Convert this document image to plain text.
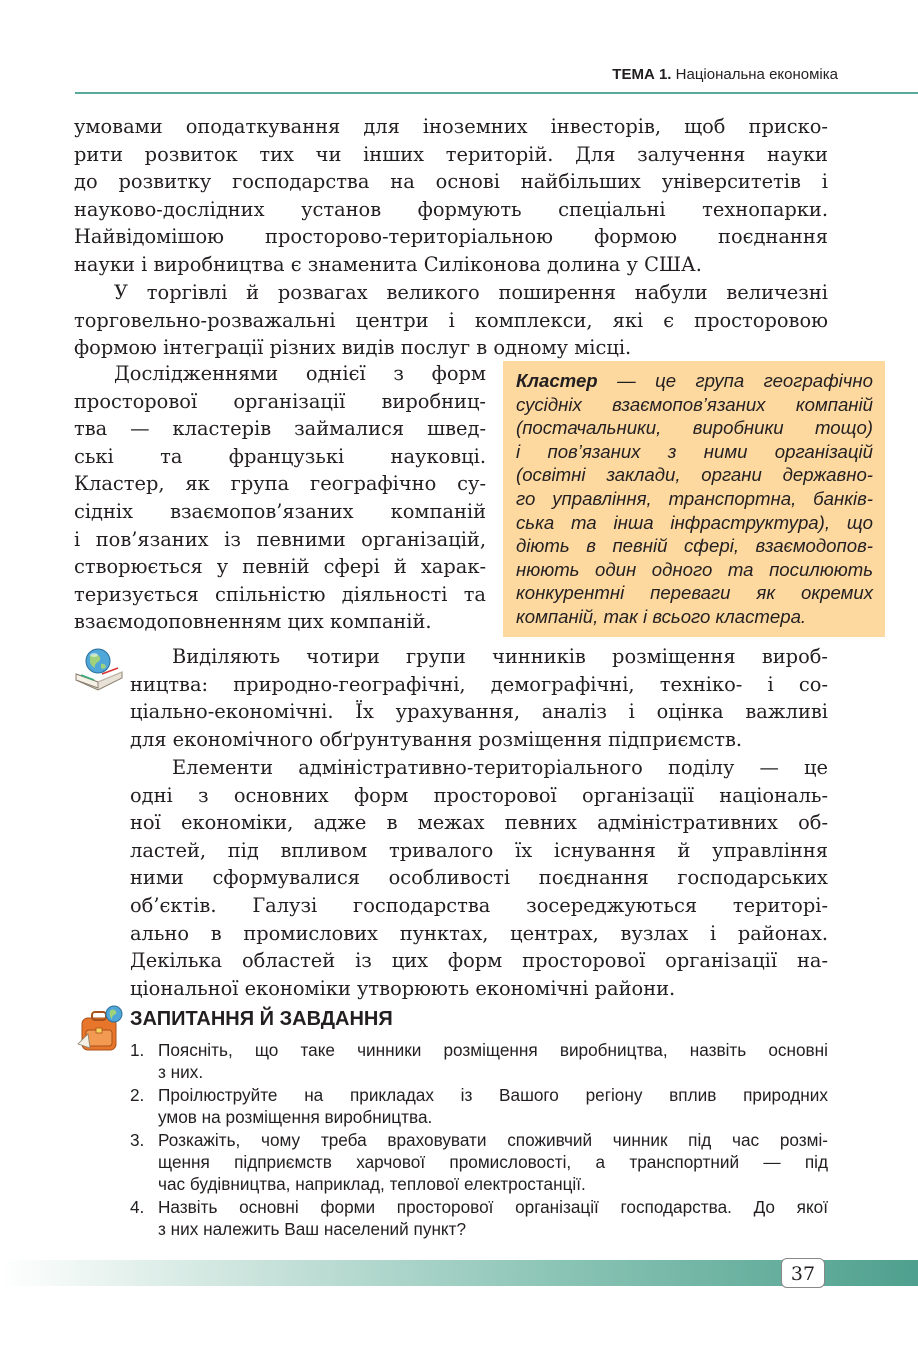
ТЕМА 1. Національна економіка
умовами оподаткування для іноземних інвесторів, щоб приско-
рити розвиток тих чи інших територій. Для залучення науки
до розвитку господарства на основі найбільших університетів і
науково-дослідних установ формують спеціальні технопарки.
Найвідомішою просторово-територіальною формою поєднання
науки і виробництва є знаменита Силіконова долина у США.
У торгівлі й розвагах великого поширення набули величезні
торговельно-розважальні центри і комплекси, які є просторовою
формою інтеграції різних видів послуг в одному місці.
Дослідженнями однієї з форм
просторової організації виробниц-
тва — кластерів займалися швед-
ські та французькі науковці.
Кластер, як група географічно су-
сідніх взаємопов’язаних компаній
і пов’язаних із певними організацій,
створюється у певній сфері й харак-
теризується спільністю діяльності та
взаємодоповненням цих компаній.
Кластер — це група географічно
сусідніх взаємопов’язаних компаній
(постачальники, виробники тощо)
і пов’язаних з ними організацій
(освітні заклади, органи державно-
го управління, транспортна, банків-
ська та інша інфраструктура), що
діють в певній сфері, взаємодопов-
нюють один одного та посилюють
конкурентні переваги як окремих
компаній, так і всього кластера.
Виділяють чотири групи чинників розміщення вироб-
ництва: природно-географічні, демографічні, техніко- і со-
ціально-економічні. Їх урахування, аналіз і оцінка важливі
для економічного обґрунтування розміщення підприємств.
Елементи адміністративно-територіального поділу — це
одні з основних форм просторової організації національ-
ної економіки, адже в межах певних адміністративних об-
ластей, під впливом тривалого їх існування й управління
ними сформувалися особливості поєднання господарських
об’єктів. Галузі господарства зосереджуються територі-
ально в промислових пунктах, центрах, вузлах і районах.
Декілька областей із цих форм просторової організації на-
ціональної економіки утворюють економічні райони.
ЗАПИТАННЯ Й ЗАВДАННЯ
1. Поясніть, що таке чинники розміщення виробництва, назвіть основні
з них.
2. Проілюструйте на прикладах із Вашого регіону вплив природних
умов на розміщення виробництва.
3. Розкажіть, чому треба враховувати споживчий чинник під час розмі-
щення підприємств харчової промисловості, а транспортний — під
час будівництва, наприклад, теплової електростанції.
4. Назвіть основні форми просторової організації господарства. До якої
з них належить Ваш населений пункт?
37
